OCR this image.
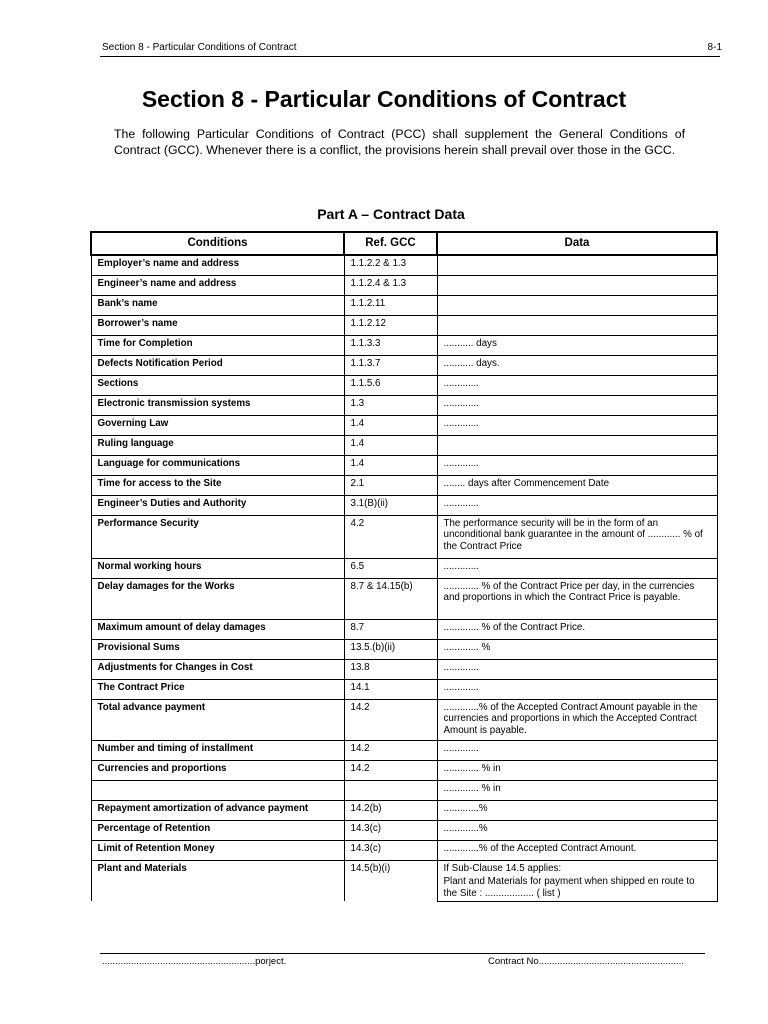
Section 8 - Particular Conditions of Contract	8-1
Section 8 - Particular Conditions of Contract
The following Particular Conditions of Contract (PCC) shall supplement the General Conditions of Contract (GCC). Whenever there is a conflict, the provisions herein shall prevail over those in the GCC.
Part A – Contract Data
Conditions	Ref. GCC	Data
Employer’s name and address	1.1.2.2 & 1.3	
Engineer’s name and address	1.1.2.4 & 1.3	
Bank’s name	1.1.2.11	
Borrower’s name	1.1.2.12	
Time for Completion	1.1.3.3	........... days
Defects Notification Period	1.1.3.7	........... days.
Sections	1.1.5.6	.............
Electronic transmission systems	1.3	.............
Governing Law	1.4	.............
Ruling language	1.4	
Language for communications	1.4	.............
Time for access to the Site	2.1	........ days after Commencement Date
Engineer’s Duties and Authority	3.1(B)(ii)	.............
Performance Security	4.2	The performance security will be in the form of an unconditional bank guarantee in the amount of ............ % of the Contract Price
Normal working hours	6.5	.............
Delay damages for the Works	8.7 & 14.15(b)	............. % of the Contract Price per day, in the currencies and proportions in which the Contract Price is payable.
Maximum amount of delay damages	8.7	............. % of the Contract Price.
Provisional Sums	13.5.(b)(ii)	............. %
Adjustments for Changes in Cost	13.8	.............
The Contract Price	14.1	.............
Total advance payment	14.2	.............% of the Accepted Contract Amount payable in the currencies and proportions in which the Accepted Contract Amount is payable.
Number and timing of installment	14.2	.............
Currencies and proportions	14.2	............. % in
		............. % in
Repayment amortization of advance payment	14.2(b)	.............%
Percentage of Retention	14.3(c)	.............%
Limit of Retention Money	14.3(c)	.............% of the Accepted Contract Amount.
Plant and Materials	14.5(b)(i)	If Sub-Clause 14.5 applies:
Plant and Materials for payment when shipped en route to the Site : .................. ( list )
..........................................................porject.	Contract No.......................................................
